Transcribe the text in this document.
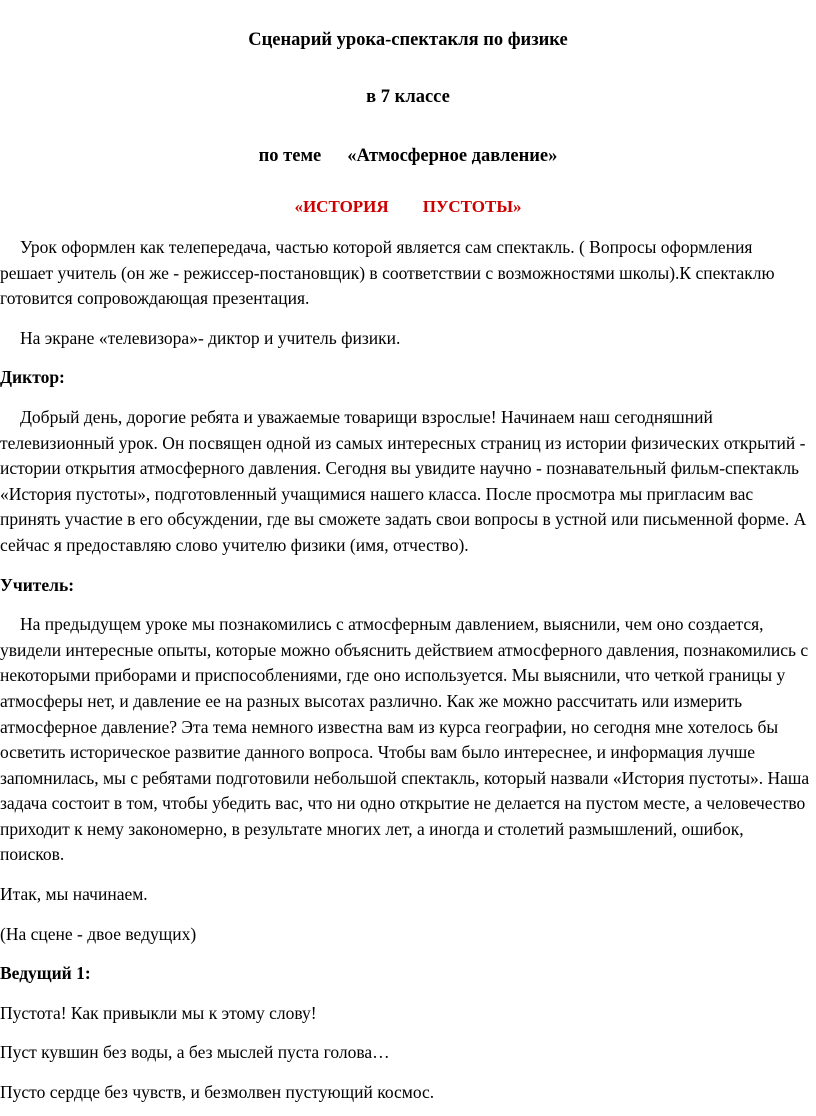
Сценарий урока-спектакля по физике
в 7 классе
по теме «Атмосферное давление»
«ИСТОРИЯ ПУСТОТЫ»

Урок оформлен как телепередача, частью которой является сам спектакль. ( Вопросы оформления решает учитель (он же - режиссер-постановщик) в соответствии с возможностями школы).К спектаклю готовится сопровождающая презентация.

На экране «телевизора»- диктор и учитель физики.

Диктор:

Добрый день, дорогие ребята и уважаемые товарищи взрослые! Начинаем наш сегодняшний телевизионный урок. Он посвящен одной из самых интересных страниц из истории физических открытий - истории открытия атмосферного давления. Сегодня вы увидите научно - познавательный фильм-спектакль «История пустоты», подготовленный учащимися нашего класса. После просмотра мы пригласим вас принять участие в его обсуждении, где вы сможете задать свои вопросы в устной или письменной форме. А сейчас я предоставляю слово учителю физики (имя, отчество).

Учитель:

На предыдущем уроке мы познакомились с атмосферным давлением, выяснили, чем оно создается, увидели интересные опыты, которые можно объяснить действием атмосферного давления, познакомились с некоторыми приборами и приспособлениями, где оно используется. Мы выяснили, что четкой границы у атмосферы нет, и давление ее на разных высотах различно. Как же можно рассчитать или измерить атмосферное давление? Эта тема немного известна вам из курса географии, но сегодня мне хотелось бы осветить историческое развитие данного вопроса. Чтобы вам было интереснее, и информация лучше запомнилась, мы с ребятами подготовили небольшой спектакль, который назвали «История пустоты». Наша задача состоит в том, чтобы убедить вас, что ни одно открытие не делается на пустом месте, а человечество приходит к нему закономерно, в результате многих лет, а иногда и столетий размышлений, ошибок, поисков.

Итак, мы начинаем.

(На сцене - двое ведущих)

Ведущий 1:

Пустота! Как привыкли мы к этому слову!

Пуст кувшин без воды, а без мыслей пуста голова…

Пусто сердце без чувств, и безмолвен пустующий космос.
